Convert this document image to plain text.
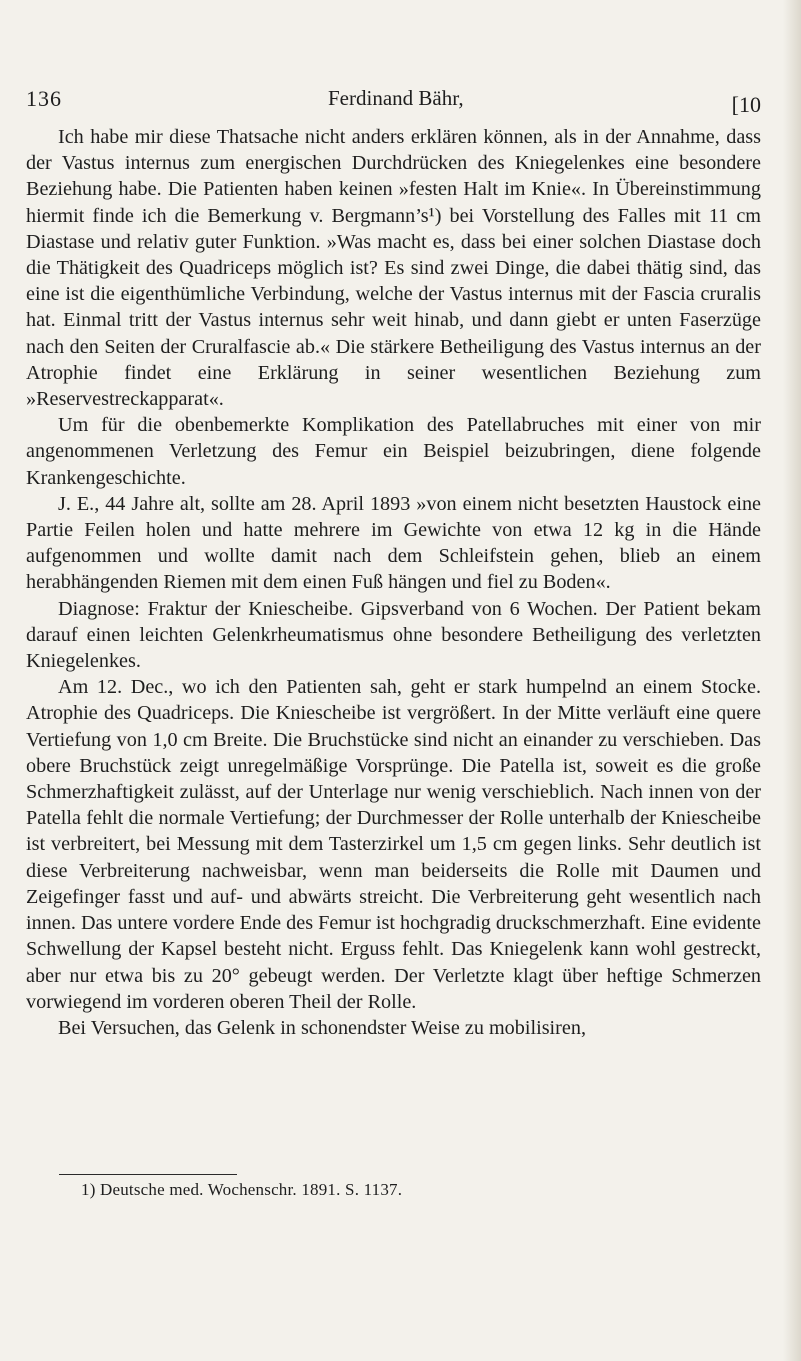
136	Ferdinand Bähr,	[10

Ich habe mir diese Thatsache nicht anders erklären können, als in der Annahme, dass der Vastus internus zum energischen Durchdrücken des Kniegelenkes eine besondere Beziehung habe. Die Patienten haben keinen »festen Halt im Knie«. In Übereinstimmung hiermit finde ich die Bemerkung v. Bergmann’s¹) bei Vorstellung des Falles mit 11 cm Diastase und relativ guter Funktion. »Was macht es, dass bei einer solchen Diastase doch die Thätigkeit des Quadriceps möglich ist? Es sind zwei Dinge, die dabei thätig sind, das eine ist die eigenthümliche Verbindung, welche der Vastus internus mit der Fascia cruralis hat. Einmal tritt der Vastus internus sehr weit hinab, und dann giebt er unten Faserzüge nach den Seiten der Cruralfascie ab.« Die stärkere Betheiligung des Vastus internus an der Atrophie findet eine Erklärung in seiner wesentlichen Beziehung zum »Reservestreckapparat«.

Um für die obenbemerkte Komplikation des Patellabruches mit einer von mir angenommenen Verletzung des Femur ein Beispiel beizubringen, diene folgende Krankengeschichte.

J. E., 44 Jahre alt, sollte am 28. April 1893 »von einem nicht besetzten Haustock eine Partie Feilen holen und hatte mehrere im Gewichte von etwa 12 kg in die Hände aufgenommen und wollte damit nach dem Schleifstein gehen, blieb an einem herabhängenden Riemen mit dem einen Fuß hängen und fiel zu Boden«.

Diagnose: Fraktur der Kniescheibe. Gipsverband von 6 Wochen. Der Patient bekam darauf einen leichten Gelenkrheumatismus ohne besondere Betheiligung des verletzten Kniegelenkes.

Am 12. Dec., wo ich den Patienten sah, geht er stark humpelnd an einem Stocke. Atrophie des Quadriceps. Die Kniescheibe ist vergrößert. In der Mitte verläuft eine quere Vertiefung von 1,0 cm Breite. Die Bruchstücke sind nicht an einander zu verschieben. Das obere Bruchstück zeigt unregelmäßige Vorsprünge. Die Patella ist, soweit es die große Schmerzhaftigkeit zulässt, auf der Unterlage nur wenig verschieblich. Nach innen von der Patella fehlt die normale Vertiefung; der Durchmesser der Rolle unterhalb der Kniescheibe ist verbreitert, bei Messung mit dem Tasterzirkel um 1,5 cm gegen links. Sehr deutlich ist diese Verbreiterung nachweisbar, wenn man beiderseits die Rolle mit Daumen und Zeigefinger fasst und auf- und abwärts streicht. Die Verbreiterung geht wesentlich nach innen. Das untere vordere Ende des Femur ist hochgradig druckschmerzhaft. Eine evidente Schwellung der Kapsel besteht nicht. Erguss fehlt. Das Kniegelenk kann wohl gestreckt, aber nur etwa bis zu 20° gebeugt werden. Der Verletzte klagt über heftige Schmerzen vorwiegend im vorderen oberen Theil der Rolle.

Bei Versuchen, das Gelenk in schonendster Weise zu mobilisiren,

1) Deutsche med. Wochenschr. 1891. S. 1137.
